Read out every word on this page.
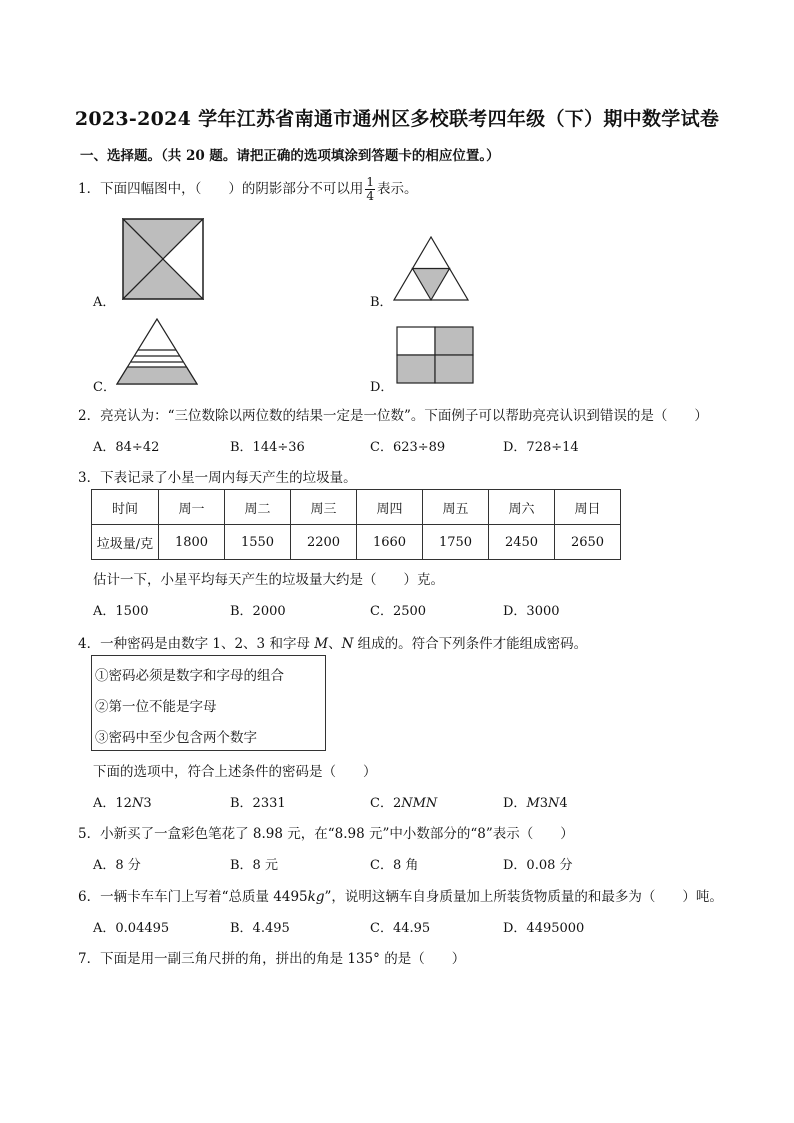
2023-2024 学年江苏省南通市通州区多校联考四年级（下）期中数学试卷
一、选择题。（共 20 题。请把正确的选项填涂到答题卡的相应位置。）
1．下面四幅图中，（　　）的阴影部分不可以用 $\frac{1}{4}$ 表示。
A．	B．
C．	D．
2．亮亮认为：“三位数除以两位数的结果一定是一位数”。下面例子可以帮助亮亮认识到错误的是（　　）
A．84÷42	B．144÷36	C．623÷89	D．728÷14
3．下表记录了小星一周内每天产生的垃圾量。
时间	周一	周二	周三	周四	周五	周六	周日
垃圾量/克	1800	1550	2200	1660	1750	2450	2650
估计一下，小星平均每天产生的垃圾量大约是（　　）克。
A．1500	B．2000	C．2500	D．3000
4．一种密码是由数字 1、2、3 和字母 M、N 组成的。符合下列条件才能组成密码。
①密码必须是数字和字母的组合
②第一位不能是字母
③密码中至少包含两个数字
下面的选项中，符合上述条件的密码是（　　）
A．12N3	B．2331	C．2NMN	D．M3N4
5．小新买了一盒彩色笔花了 8.98 元，在“8.98 元”中小数部分的“8”表示（　　）
A．8 分	B．8 元	C．8 角	D．0.08 分
6．一辆卡车车门上写着“总质量 4495kg”，说明这辆车自身质量加上所装货物质量的和最多为（　　）吨。
A．0.04495	B．4.495	C．44.95	D．4495000
7．下面是用一副三角尺拼的角，拼出的角是 135° 的是（　　）
